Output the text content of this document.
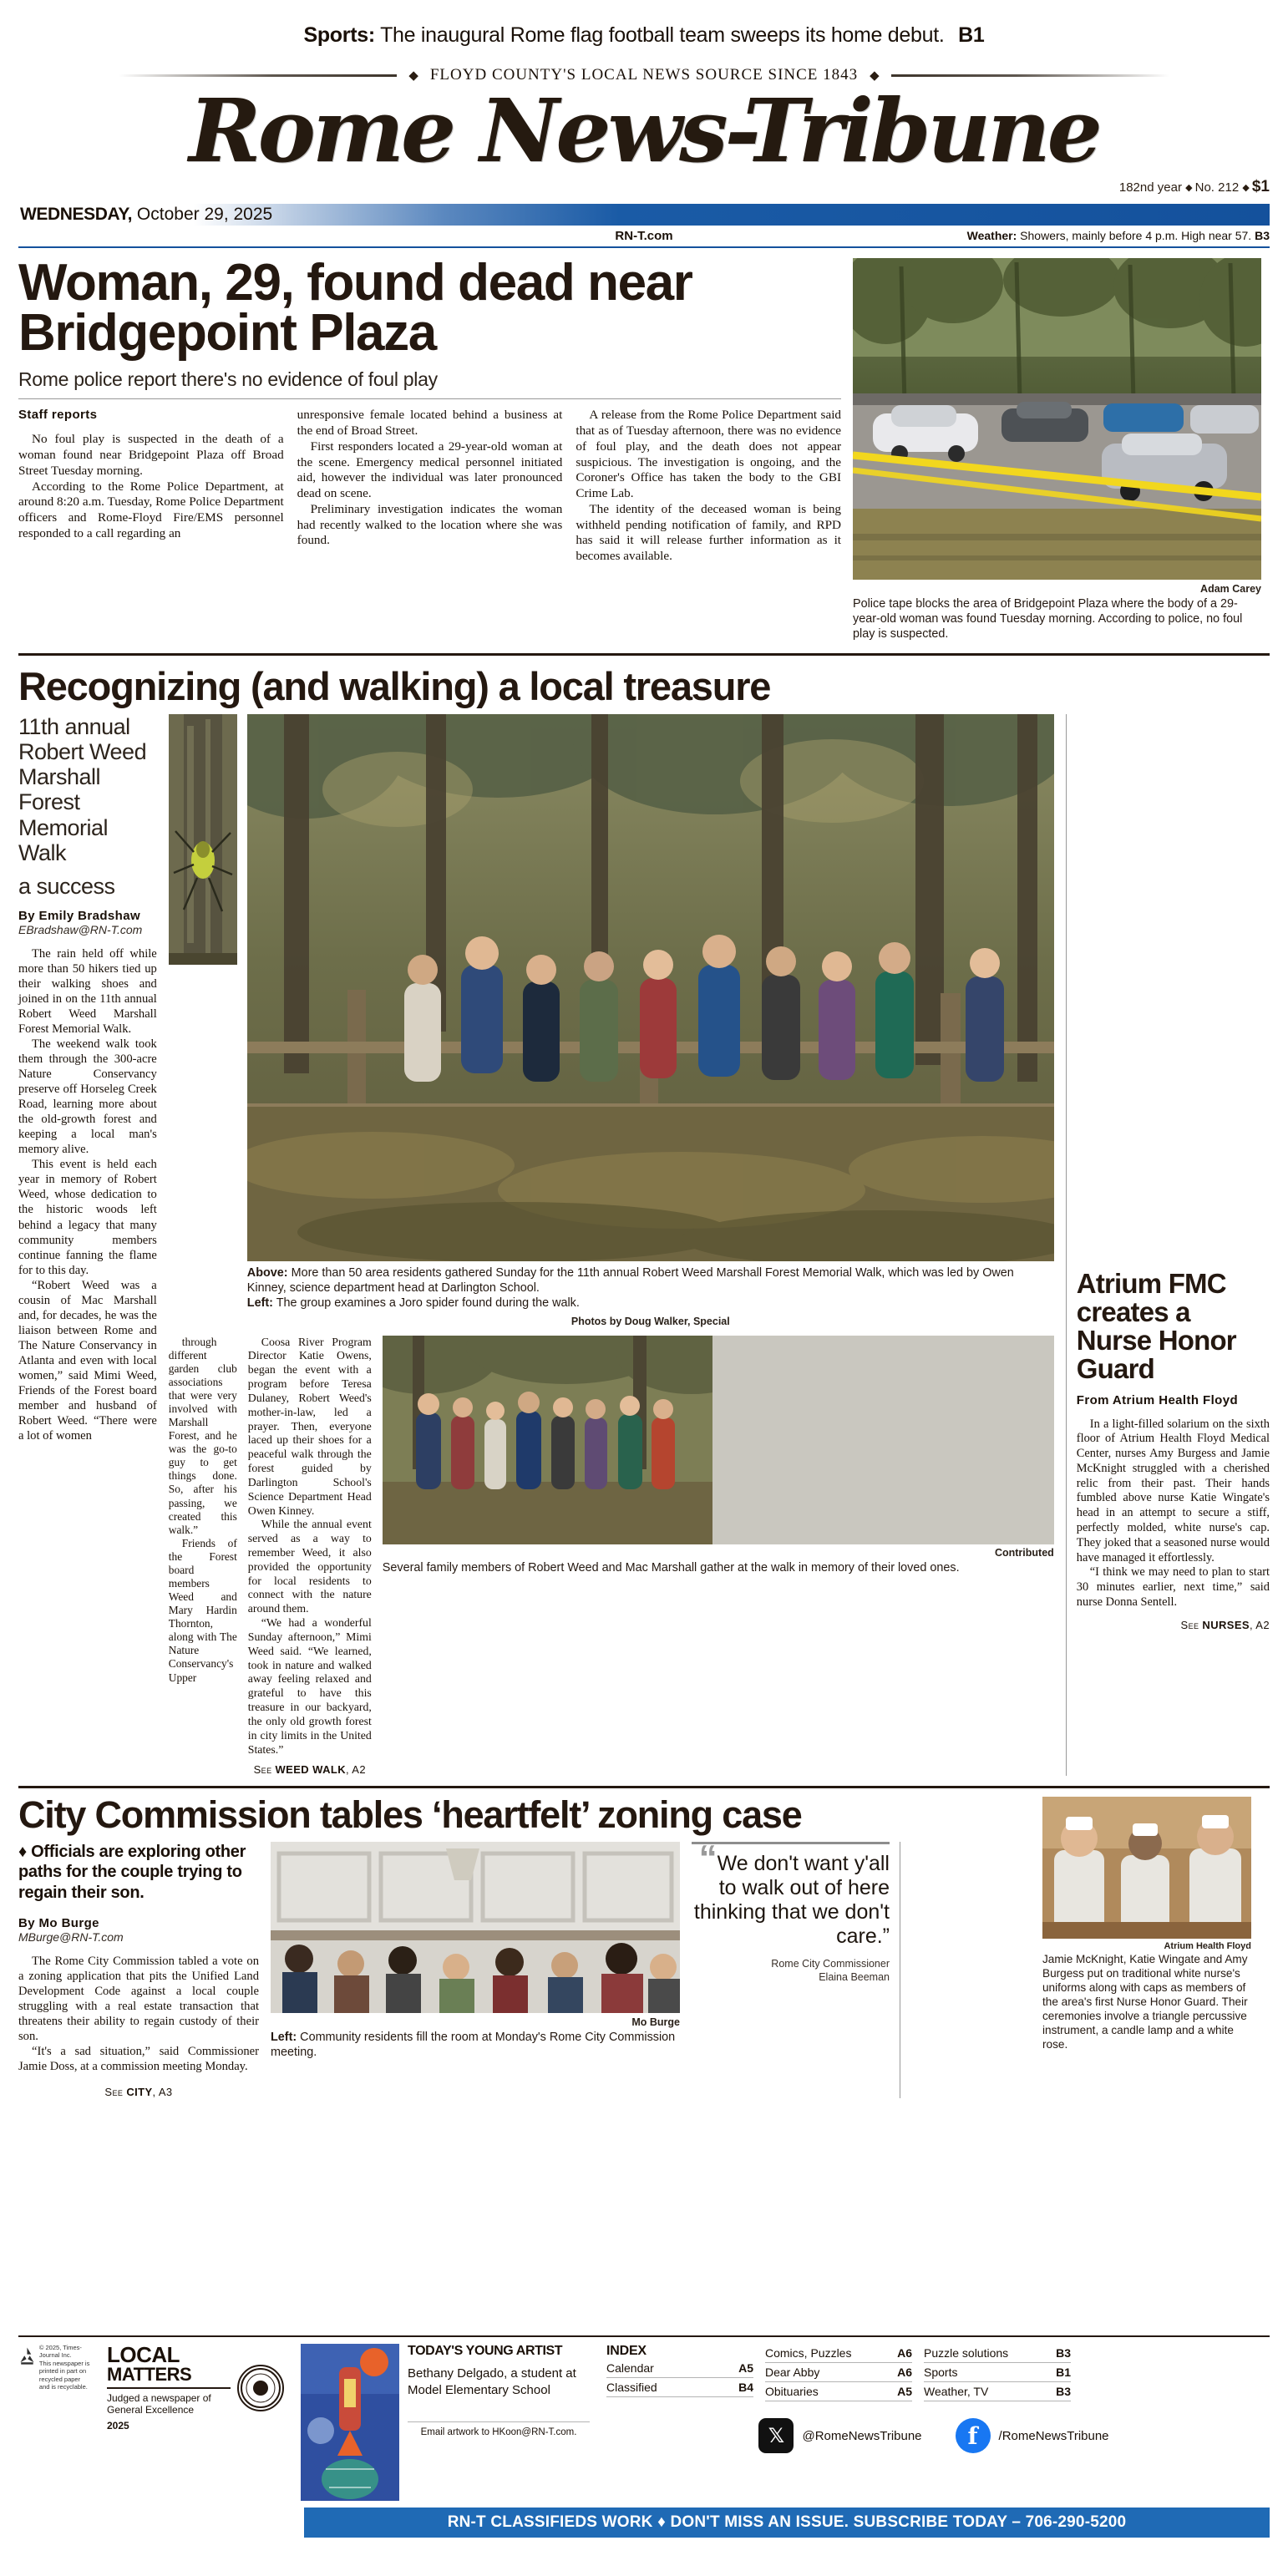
Sports: The inaugural Rome flag football team sweeps its home debut. B1
◆ FLOYD COUNTY'S LOCAL NEWS SOURCE SINCE 1843 ◆
Rome News-Tribune
182nd year ◆ No. 212 ◆ $1
WEDNESDAY, October 29, 2025
RN-T.com	Weather: Showers, mainly before 4 p.m. High near 57. B3
Woman, 29, found dead near Bridgepoint Plaza
Rome police report there's no evidence of foul play
Staff reports

No foul play is suspected in the death of a woman found near Bridgepoint Plaza off Broad Street Tuesday morning.

According to the Rome Police Department, at around 8:20 a.m. Tuesday, Rome Police Department officers and Rome-Floyd Fire/EMS personnel responded to a call regarding an

unresponsive female located behind a business at the end of Broad Street.

First responders located a 29-year-old woman at the scene. Emergency medical personnel initiated aid, however the individual was later pronounced dead on scene.

Preliminary investigation indicates the woman had recently walked to the location where she was found.

A release from the Rome Police Department said that as of Tuesday afternoon, there was no evidence of foul play, and the death does not appear suspicious. The investigation is ongoing, and the Coroner's Office has taken the body to the GBI Crime Lab.

The identity of the deceased woman is being withheld pending notification of family, and RPD has said it will release further information as it becomes available.

Adam Carey
Police tape blocks the area of Bridgepoint Plaza where the body of a 29-year-old woman was found Tuesday morning. According to police, no foul play is suspected.
Recognizing (and walking) a local treasure
11th annual Robert Weed Marshall Forest Memorial Walk
a success
By Emily Bradshaw
EBradshaw@RN-T.com

The rain held off while more than 50 hikers tied up their walking shoes and joined in on the 11th annual Robert Weed Marshall Forest Memorial Walk.

The weekend walk took them through the 300-acre Nature Conservancy preserve off Horseleg Creek Road, learning more about the old-growth forest and keeping a local man's memory alive.

This event is held each year in memory of Robert Weed, whose dedication to the historic woods left behind a legacy that many community members continue fanning the flame for to this day.

“Robert Weed was a cousin of Mac Marshall and, for decades, he was the liaison between Rome and The Nature Conservancy in Atlanta and even with local women,” said Mimi Weed, Friends of the Forest board member and husband of Robert Weed. “There were a lot of women

Above: More than 50 area residents gathered Sunday for the 11th annual Robert Weed Marshall Forest Memorial Walk, which was led by Owen Kinney, science department head at Darlington School.
Left: The group examines a Joro spider found during the walk.
Photos by Doug Walker, Special

through different garden club associations that were very involved with Marshall Forest, and he was the go-to guy to get things done. So, after his passing, we created this walk.”

Friends of the Forest board members Weed and Mary Hardin Thornton, along with The Nature Conservancy's Upper

Coosa River Program Director Katie Owens, began the event with a program before Teresa Dulaney, Robert Weed's mother-in-law, led a prayer. Then, everyone laced up their shoes for a peaceful walk through the forest guided by Darlington School's Science Department Head Owen Kinney.

While the annual event served as a way to remember Weed, it also provided the opportunity for local residents to connect with the nature around them.

“We had a wonderful Sunday afternoon,” Mimi Weed said. “We learned, took in nature and walked away feeling relaxed and grateful to have this treasure in our backyard, the only old growth forest in city limits in the United States.”

See WEED WALK, A2
Contributed
Several family members of Robert Weed and Mac Marshall gather at the walk in memory of their loved ones.
Atrium FMC creates a Nurse Honor Guard
From Atrium Health Floyd

In a light-filled solarium on the sixth floor of Atrium Health Floyd Medical Center, nurses Amy Burgess and Jamie McKnight struggled with a cherished relic from their past. Their hands fumbled above nurse Katie Wingate's head in an attempt to secure a stiff, perfectly molded, white nurse's cap. They joked that a seasoned nurse would have managed it effortlessly.

“I think we may need to plan to start 30 minutes earlier, next time,” said nurse Donna Sentell.

See NURSES, A2
City Commission tables ‘heartfelt’ zoning case
♦ Officials are exploring other paths for the couple trying to regain their son.
By Mo Burge
MBurge@RN-T.com

The Rome City Commission tabled a vote on a zoning application that pits the Unified Land Development Code against a local couple struggling with a real estate transaction that threatens their ability to regain custody of their son.

“It's a sad situation,” said Commissioner Jamie Doss, at a commission meeting Monday.

See CITY, A3
Mo Burge
Left: Community residents fill the room at Monday's Rome City Commission meeting.
“We don't want y'all to walk out of here thinking that we don't care.”
Rome City Commissioner
Elaina Beeman
Atrium Health Floyd
Jamie McKnight, Katie Wingate and Amy Burgess put on traditional white nurse's uniforms along with caps as members of the area's first Nurse Honor Guard. Their ceremonies involve a triangle percussive instrument, a candle lamp and a white rose.
© 2025, Times-Journal Inc.
This newspaper is printed in part on recycled paper and is recyclable.
LOCAL
MATTERS
Judged a newspaper of General Excellence
2025
TODAY'S YOUNG ARTIST
Bethany Delgado, a student at
Model Elementary School
Email artwork to HKoon@RN-T.com.
INDEX
Calendar	A5
Classified	B4
Comics, Puzzles	A6
Dear Abby	A6
Obituaries	A5
Puzzle solutions	B3
Sports	B1
Weather, TV	B3
𝕏	@RomeNewsTribune	f	/RomeNewsTribune
RN-T CLASSIFIEDS WORK ♦ DON'T MISS AN ISSUE. SUBSCRIBE TODAY – 706-290-5200
